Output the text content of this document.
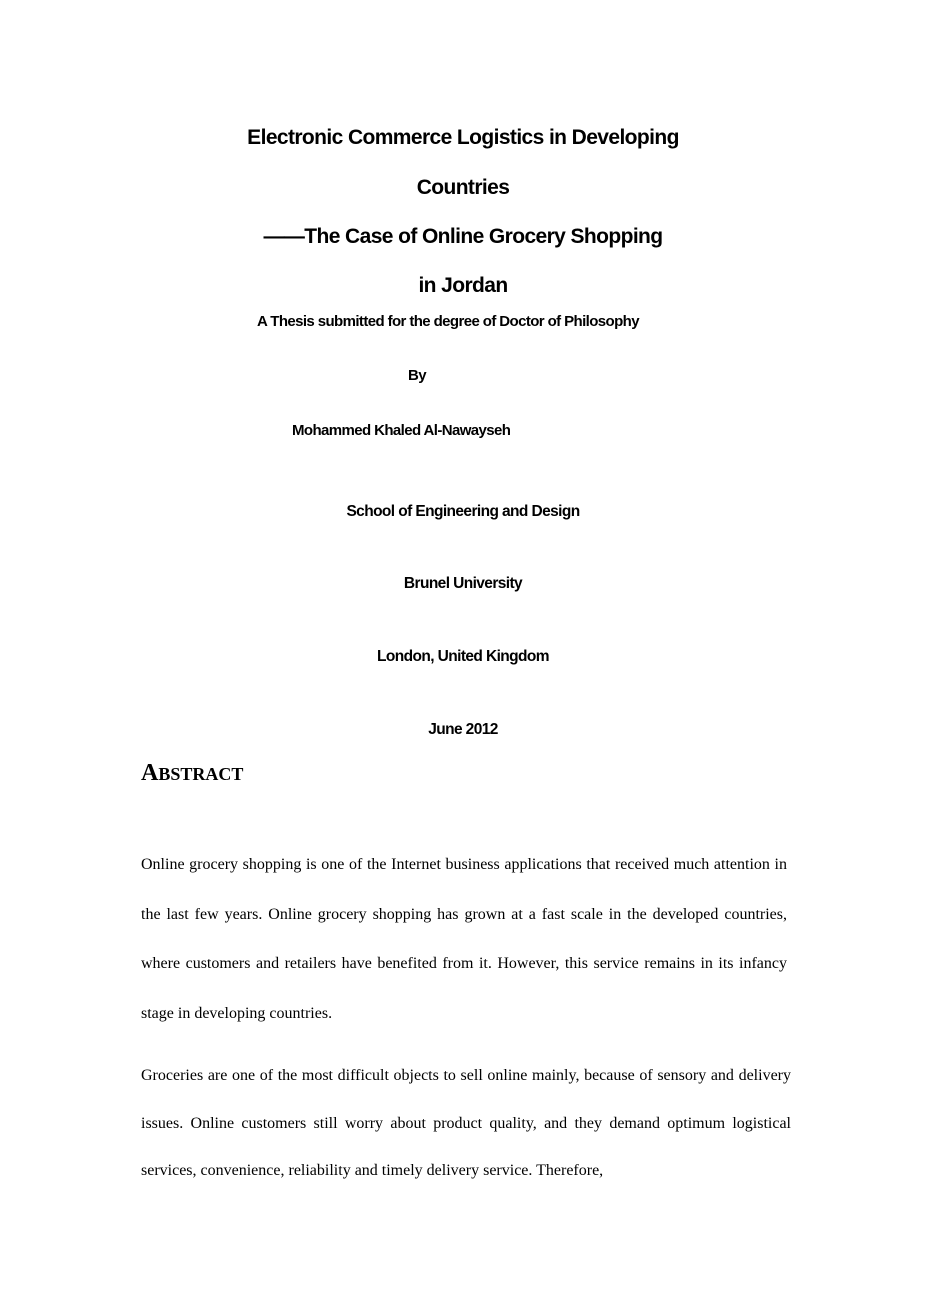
Electronic Commerce Logistics in Developing
Countries
——The Case of Online Grocery Shopping
in Jordan
A Thesis submitted for the degree of Doctor of Philosophy
By
Mohammed Khaled Al-Nawayseh
School of Engineering and Design
Brunel University
London, United Kingdom
June 2012
ABSTRACT

Online grocery shopping is one of the Internet business applications that received much attention in the last few years. Online grocery shopping has grown at a fast scale in the developed countries, where customers and retailers have benefited from it. However, this service remains in its infancy stage in developing countries.

Groceries are one of the most difficult objects to sell online mainly, because of sensory and delivery issues. Online customers still worry about product quality, and they demand optimum logistical services, convenience, reliability and timely delivery service. Therefore,
